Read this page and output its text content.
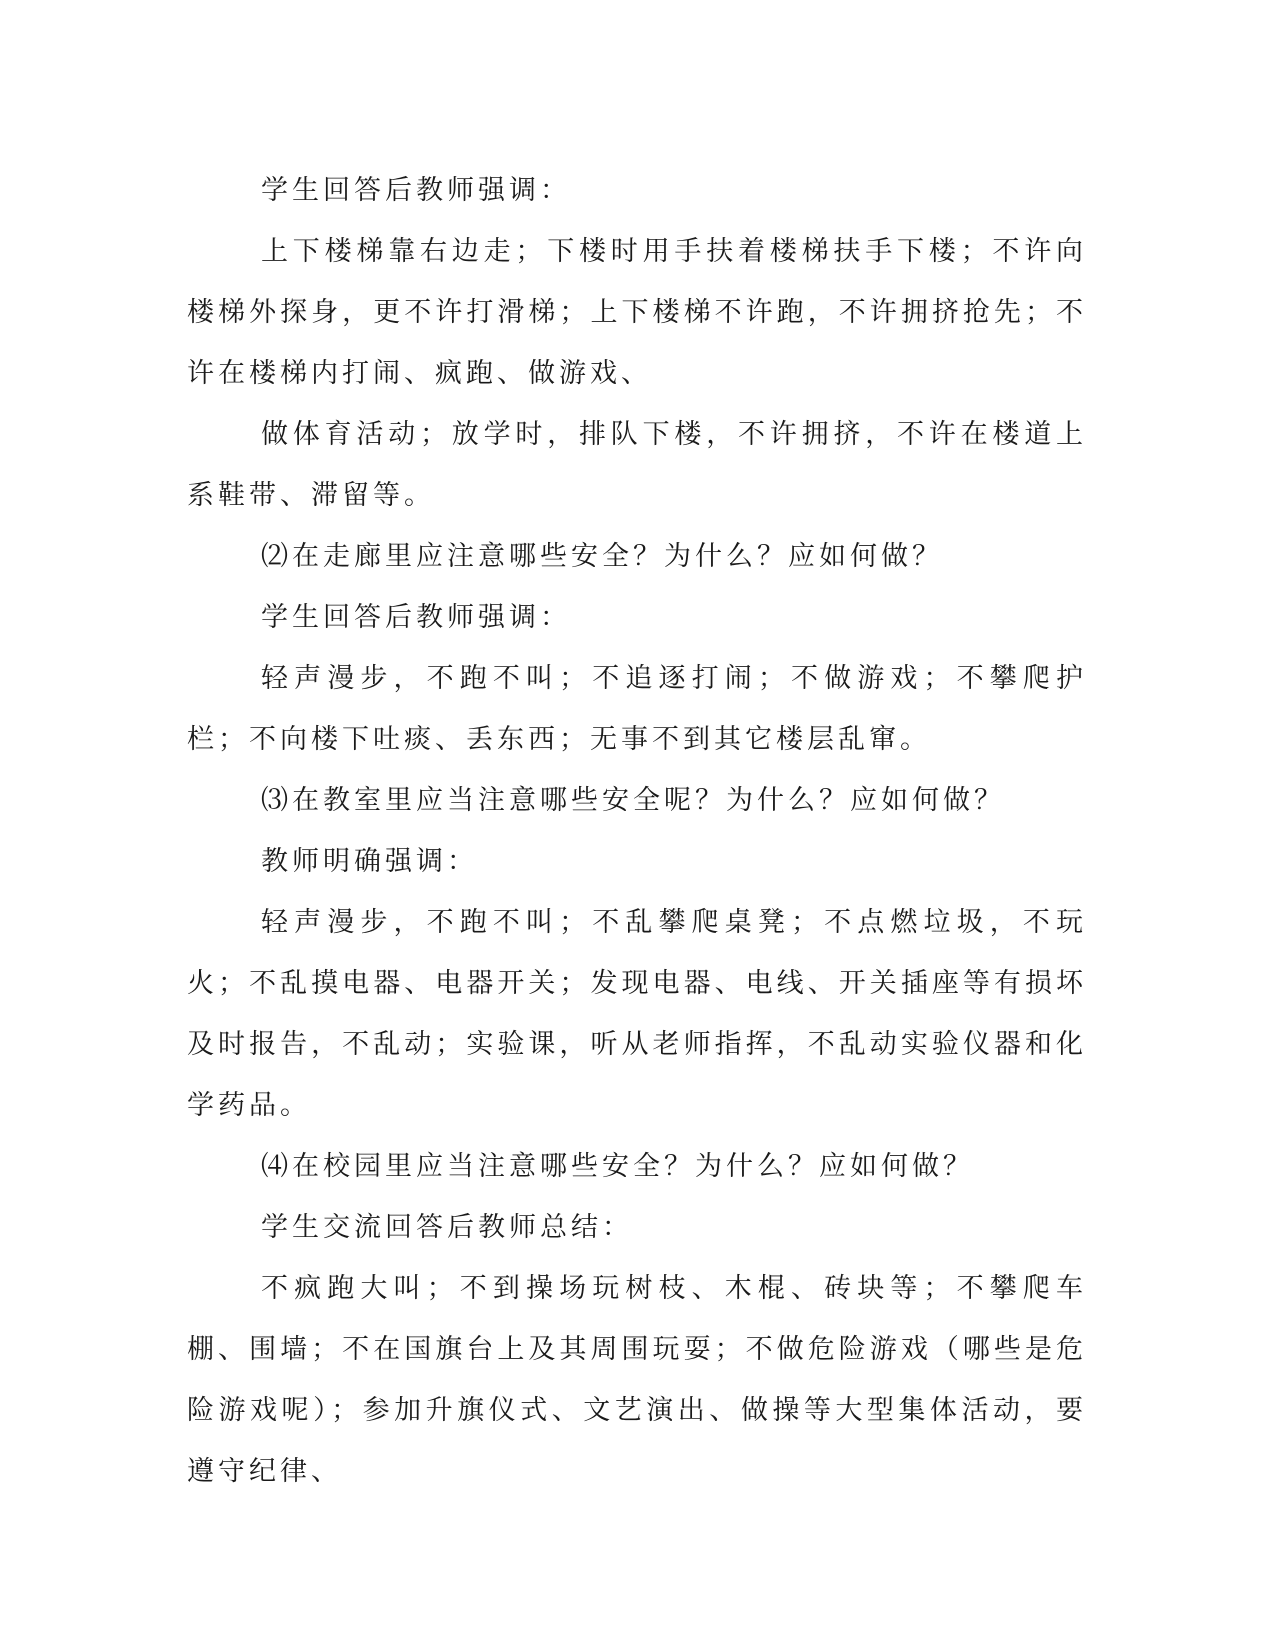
学生回答后教师强调：

上下楼梯靠右边走；下楼时用手扶着楼梯扶手下楼；不许向楼梯外探身，更不许打滑梯；上下楼梯不许跑，不许拥挤抢先；不许在楼梯内打闹、疯跑、做游戏、

做体育活动；放学时，排队下楼，不许拥挤，不许在楼道上系鞋带、滞留等。

⑵在走廊里应注意哪些安全？为什么？应如何做？

学生回答后教师强调：

轻声漫步，不跑不叫；不追逐打闹；不做游戏；不攀爬护栏；不向楼下吐痰、丢东西；无事不到其它楼层乱窜。

⑶在教室里应当注意哪些安全呢？为什么？应如何做？

教师明确强调：

轻声漫步，不跑不叫；不乱攀爬桌凳；不点燃垃圾，不玩火；不乱摸电器、电器开关；发现电器、电线、开关插座等有损坏及时报告，不乱动；实验课，听从老师指挥，不乱动实验仪器和化学药品。

⑷在校园里应当注意哪些安全？为什么？应如何做？

学生交流回答后教师总结：

不疯跑大叫；不到操场玩树枝、木棍、砖块等；不攀爬车棚、围墙；不在国旗台上及其周围玩耍；不做危险游戏（哪些是危险游戏呢）；参加升旗仪式、文艺演出、做操等大型集体活动，要遵守纪律、
